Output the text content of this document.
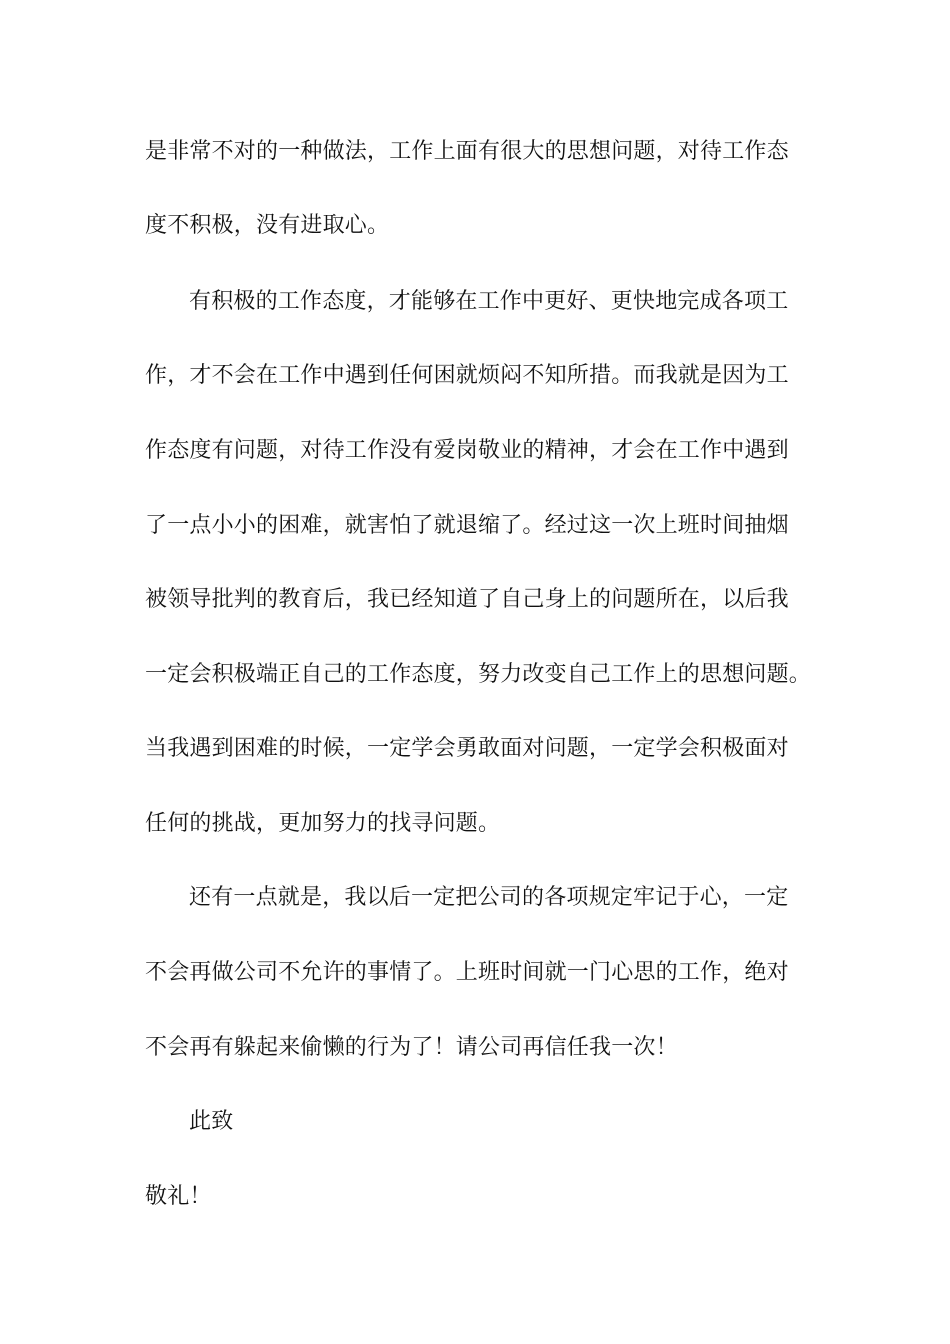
是非常不对的一种做法，工作上面有很大的思想问题，对待工作态
度不积极，没有进取心。
有积极的工作态度，才能够在工作中更好、更快地完成各项工
作，才不会在工作中遇到任何困就烦闷不知所措。而我就是因为工
作态度有问题，对待工作没有爱岗敬业的精神，才会在工作中遇到
了一点小小的困难，就害怕了就退缩了。经过这一次上班时间抽烟
被领导批判的教育后，我已经知道了自己身上的问题所在，以后我
一定会积极端正自己的工作态度，努力改变自己工作上的思想问题。
当我遇到困难的时候，一定学会勇敢面对问题，一定学会积极面对
任何的挑战，更加努力的找寻问题。
还有一点就是，我以后一定把公司的各项规定牢记于心，一定
不会再做公司不允许的事情了。上班时间就一门心思的工作，绝对
不会再有躲起来偷懒的行为了！请公司再信任我一次！
此致
敬礼！
